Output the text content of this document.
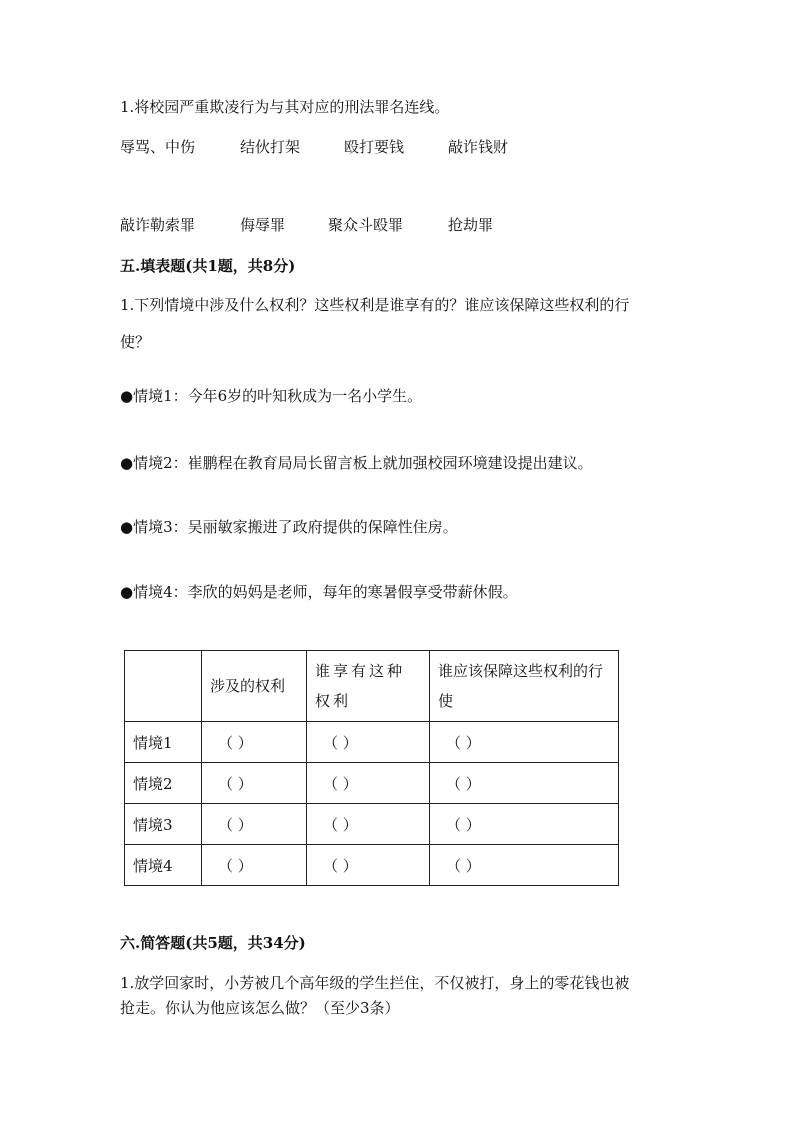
1.将校园严重欺凌行为与其对应的刑法罪名连线。
辱骂、中伤	结伙打架	殴打要钱	敲诈钱财
敲诈勒索罪	侮辱罪	聚众斗殴罪	抢劫罪
五.填表题(共1题，共8分)
1.下列情境中涉及什么权利？这些权利是谁享有的？谁应该保障这些权利的行
使？
●情境1：今年6岁的叶知秋成为一名小学生。
●情境2：崔鹏程在教育局局长留言板上就加强校园环境建设提出建议。
●情境3：吴丽敏家搬进了政府提供的保障性住房。
●情境4：李欣的妈妈是老师，每年的寒暑假享受带薪休假。
	涉及的权利	谁享有这种权利	谁应该保障这些权利的行使
情境1	（ ）	（ ）	（ ）
情境2	（ ）	（ ）	（ ）
情境3	（ ）	（ ）	（ ）
情境4	（ ）	（ ）	（ ）
六.简答题(共5题，共34分)
1.放学回家时，小芳被几个高年级的学生拦住，不仅被打，身上的零花钱也被
抢走。你认为他应该怎么做？（至少3条）
